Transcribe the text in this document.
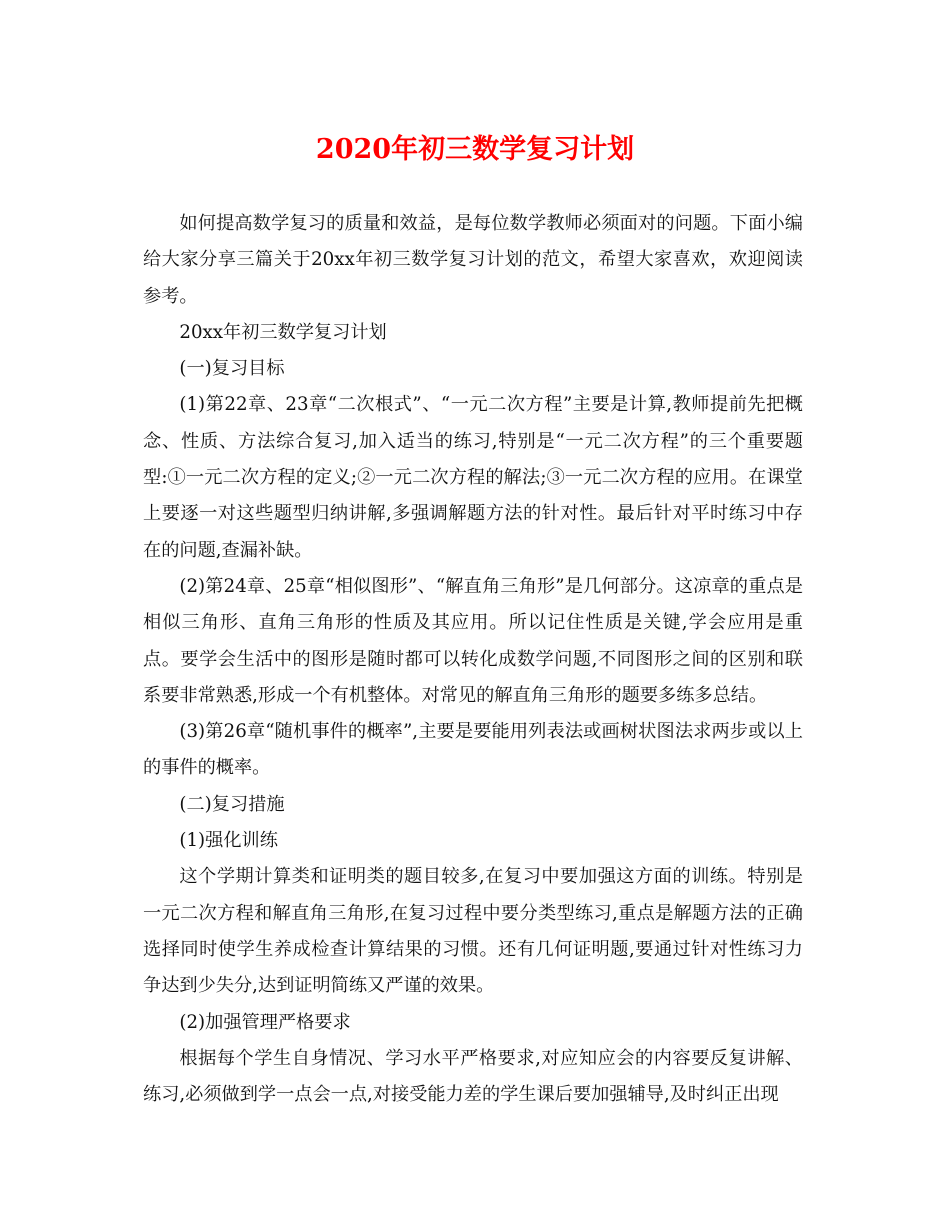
2020年初三数学复习计划

如何提高数学复习的质量和效益，是每位数学教师必须面对的问题。下面小编给大家分享三篇关于20xx年初三数学复习计划的范文，希望大家喜欢，欢迎阅读参考。

20xx年初三数学复习计划

(一)复习目标

(1)第22章、23章“二次根式”、“一元二次方程”主要是计算,教师提前先把概念、性质、方法综合复习,加入适当的练习,特别是“一元二次方程”的三个重要题型:①一元二次方程的定义;②一元二次方程的解法;③一元二次方程的应用。在课堂上要逐一对这些题型归纳讲解,多强调解题方法的针对性。最后针对平时练习中存在的问题,查漏补缺。

(2)第24章、25章“相似图形”、“解直角三角形”是几何部分。这凉章的重点是相似三角形、直角三角形的性质及其应用。所以记住性质是关键,学会应用是重点。要学会生活中的图形是随时都可以转化成数学问题,不同图形之间的区别和联系要非常熟悉,形成一个有机整体。对常见的解直角三角形的题要多练多总结。

(3)第26章“随机事件的概率”,主要是要能用列表法或画树状图法求两步或以上的事件的概率。

(二)复习措施

(1)强化训练

这个学期计算类和证明类的题目较多,在复习中要加强这方面的训练。特别是一元二次方程和解直角三角形,在复习过程中要分类型练习,重点是解题方法的正确选择同时使学生养成检查计算结果的习惯。还有几何证明题,要通过针对性练习力争达到少失分,达到证明简练又严谨的效果。

(2)加强管理严格要求

根据每个学生自身情况、学习水平严格要求,对应知应会的内容要反复讲解、练习,必须做到学一点会一点,对接受能力差的学生课后要加强辅导,及时纠正出现
